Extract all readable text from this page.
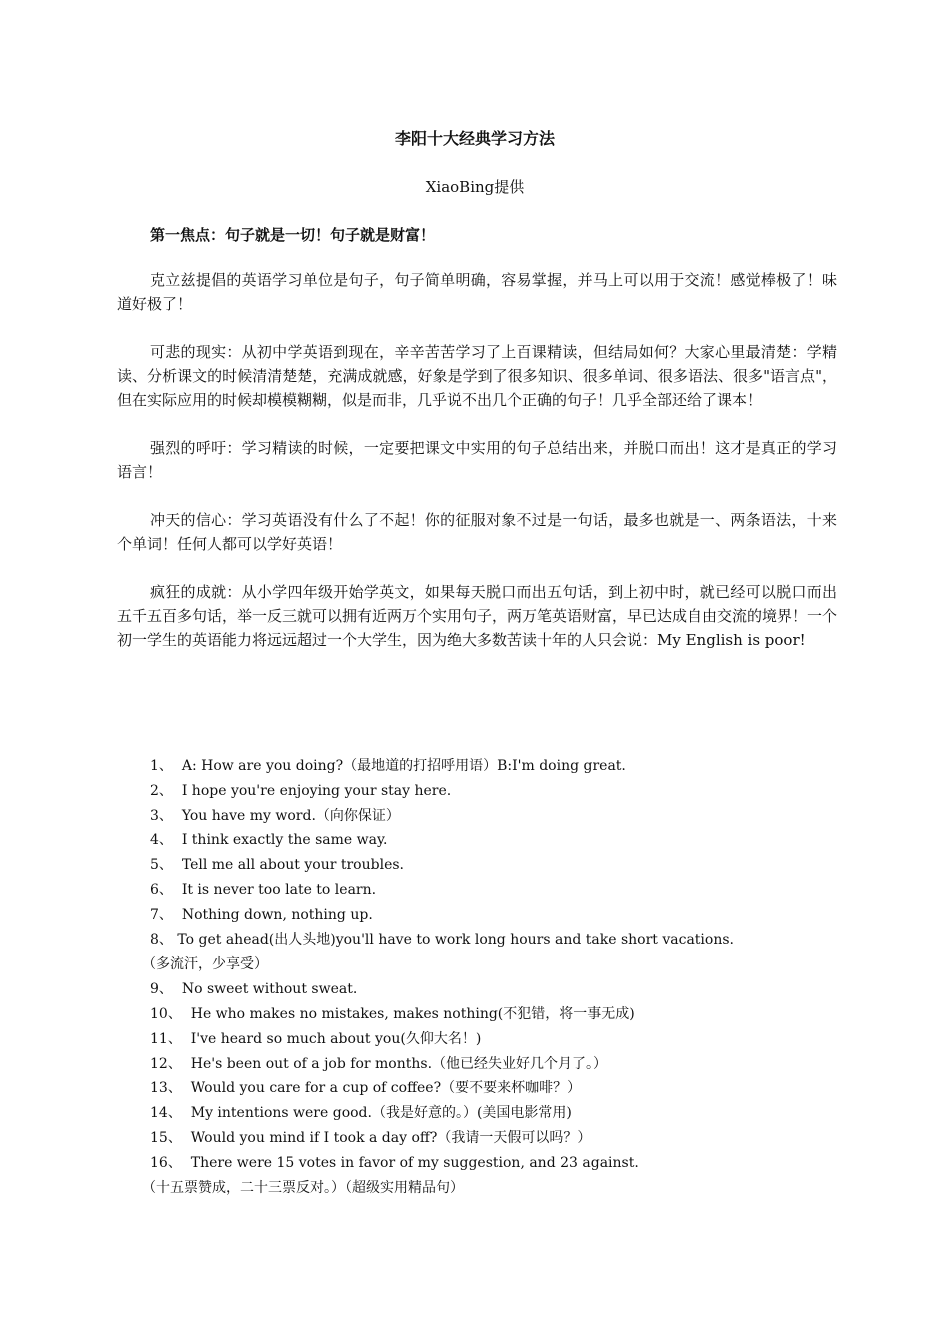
李阳十大经典学习方法
XiaoBing提供
第一焦点：句子就是一切！句子就是财富！

克立兹提倡的英语学习单位是句子，句子简单明确，容易掌握，并马上可以用于交流！感觉棒极了！味道好极了！

可悲的现实：从初中学英语到现在，辛辛苦苦学习了上百课精读，但结局如何？大家心里最清楚：学精读、分析课文的时候清清楚楚，充满成就感，好象是学到了很多知识、很多单词、很多语法、很多"语言点"，但在实际应用的时候却模模糊糊，似是而非，几乎说不出几个正确的句子！几乎全部还给了课本！

强烈的呼吁：学习精读的时候，一定要把课文中实用的句子总结出来，并脱口而出！这才是真正的学习语言！

冲天的信心：学习英语没有什么了不起！你的征服对象不过是一句话，最多也就是一、两条语法，十来个单词！任何人都可以学好英语！

疯狂的成就：从小学四年级开始学英文，如果每天脱口而出五句话，到上初中时，就已经可以脱口而出五千五百多句话，举一反三就可以拥有近两万个实用句子，两万笔英语财富，早已达成自由交流的境界！一个初一学生的英语能力将远远超过一个大学生，因为绝大多数苦读十年的人只会说：My English is poor!

1、 A: How are you doing?（最地道的打招呼用语）B:I'm doing great.
2、 I hope you're enjoying your stay here.
3、 You have my word.（向你保证）
4、 I think exactly the same way.
5、 Tell me all about your troubles.
6、 It is never too late to learn.
7、 Nothing down, nothing up.
8、 To get ahead(出人头地)you'll have to work long hours and take short vacations.
（多流汗，少享受）
9、 No sweet without sweat.
10、 He who makes no mistakes, makes nothing(不犯错，将一事无成)
11、 I've heard so much about you(久仰大名！)
12、 He's been out of a job for months.（他已经失业好几个月了。）
13、 Would you care for a cup of coffee?（要不要来杯咖啡？）
14、 My intentions were good.（我是好意的。）(美国电影常用)
15、 Would you mind if I took a day off?（我请一天假可以吗？）
16、 There were 15 votes in favor of my suggestion, and 23 against.
（十五票赞成，二十三票反对。）（超级实用精品句）
